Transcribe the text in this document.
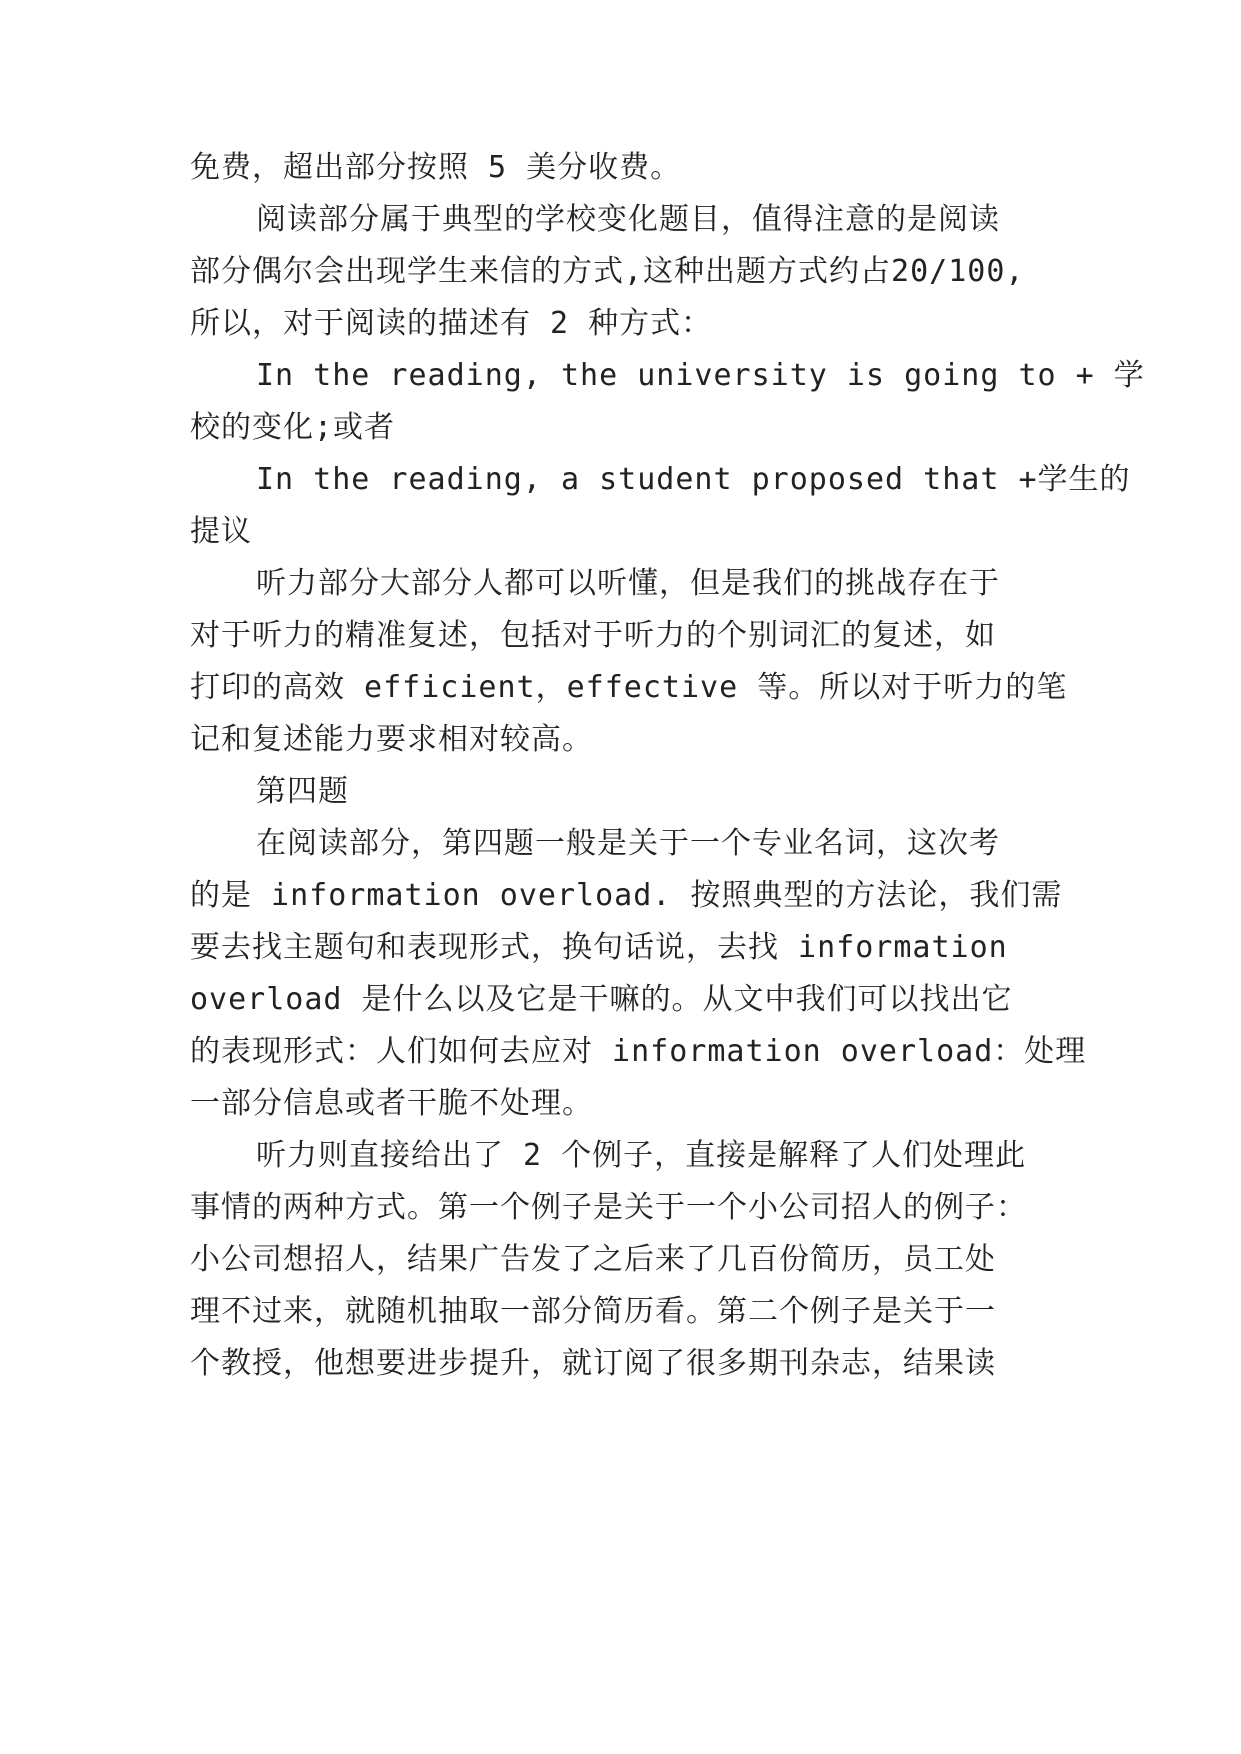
免费，超出部分按照 5 美分收费。
阅读部分属于典型的学校变化题目，值得注意的是阅读
部分偶尔会出现学生来信的方式,这种出题方式约占20/100,
所以，对于阅读的描述有 2 种方式：
In the reading, the university is going to + 学
校的变化;或者
In the reading, a student proposed that +学生的
提议
听力部分大部分人都可以听懂，但是我们的挑战存在于
对于听力的精准复述，包括对于听力的个别词汇的复述，如
打印的高效 efficient，effective 等。所以对于听力的笔
记和复述能力要求相对较高。
第四题
在阅读部分，第四题一般是关于一个专业名词，这次考
的是 information overload. 按照典型的方法论，我们需
要去找主题句和表现形式，换句话说，去找 information
overload 是什么以及它是干嘛的。从文中我们可以找出它
的表现形式：人们如何去应对 information overload：处理
一部分信息或者干脆不处理。
听力则直接给出了 2 个例子，直接是解释了人们处理此
事情的两种方式。第一个例子是关于一个小公司招人的例子：
小公司想招人，结果广告发了之后来了几百份简历，员工处
理不过来，就随机抽取一部分简历看。第二个例子是关于一
个教授，他想要进步提升，就订阅了很多期刊杂志，结果读
